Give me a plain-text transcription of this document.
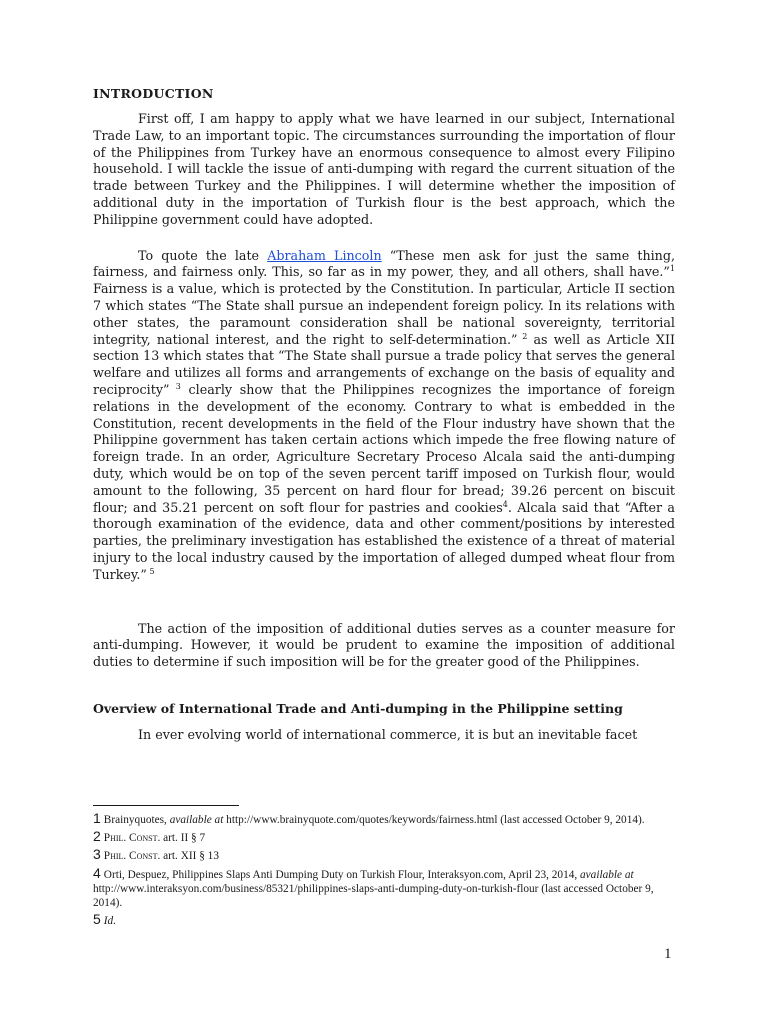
INTRODUCTION

First off, I am happy to apply what we have learned in our subject, International Trade Law, to an important topic. The circumstances surrounding the importation of flour of the Philippines from Turkey have an enormous consequence to almost every Filipino household. I will tackle the issue of anti-dumping with regard the current situation of the trade between Turkey and the Philippines. I will determine whether the imposition of additional duty in the importation of Turkish flour is the best approach, which the Philippine government could have adopted.

To quote the late Abraham Lincoln “These men ask for just the same thing, fairness, and fairness only. This, so far as in my power, they, and all others, shall have.”$^1$ Fairness is a value, which is protected by the Constitution. In particular, Article II section 7 which states “The State shall pursue an independent foreign policy. In its relations with other states, the paramount consideration shall be national sovereignty, territorial integrity, national interest, and the right to self-determination.” $^2$ as well as Article XII section 13 which states that “The State shall pursue a trade policy that serves the general welfare and utilizes all forms and arrangements of exchange on the basis of equality and reciprocity” $^3$ clearly show that the Philippines recognizes the importance of foreign relations in the development of the economy. Contrary to what is embedded in the Constitution, recent developments in the field of the Flour industry have shown that the Philippine government has taken certain actions which impede the free flowing nature of foreign trade. In an order, Agriculture Secretary Proceso Alcala said the anti-dumping duty, which would be on top of the seven percent tariff imposed on Turkish flour, would amount to the following, 35 percent on hard flour for bread; 39.26 percent on biscuit flour; and 35.21 percent on soft flour for pastries and cookies$^4$. Alcala said that “After a thorough examination of the evidence, data and other comment/positions by interested parties, the preliminary investigation has established the existence of a threat of material injury to the local industry caused by the importation of alleged dumped wheat flour from Turkey.” $^5$

The action of the imposition of additional duties serves as a counter measure for anti-dumping. However, it would be prudent to examine the imposition of additional duties to determine if such imposition will be for the greater good of the Philippines.

Overview of International Trade and Anti-dumping in the Philippine setting

In ever evolving world of international commerce, it is but an inevitable facet

1 Brainyquotes, available at http://www.brainyquote.com/quotes/keywords/fairness.html (last accessed October 9, 2014).
2 Phil. Const. art. II § 7
3 Phil. Const. art. XII § 13
4 Orti, Despuez, Philippines Slaps Anti Dumping Duty on Turkish Flour, Interaksyon.com, April 23, 2014, available at http://www.interaksyon.com/business/85321/philippines-slaps-anti-dumping-duty-on-turkish-flour (last accessed October 9, 2014).
5 Id.
1
